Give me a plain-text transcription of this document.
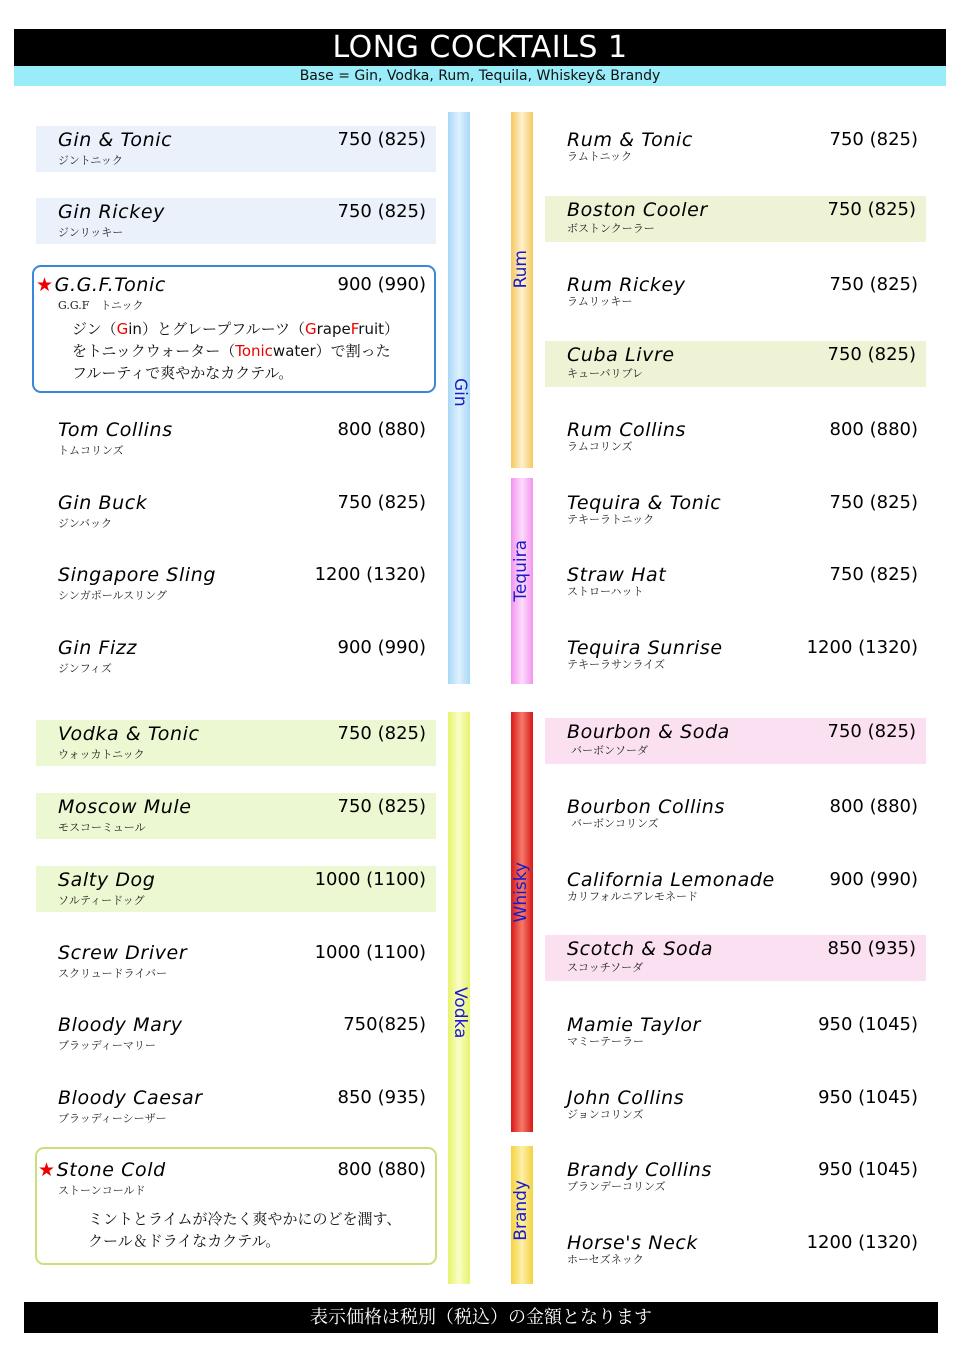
LONG COCKTAILS 1
Base = Gin, Vodka, Rum, Tequila, Whiskey& Brandy
Gin
Vodka
Rum
Tequira
Whisky
Brandy
Gin & Tonic
ジントニック
750 (825)
Gin Rickey
ジンリッキー
750 (825)
★G.G.F.Tonic
G.G.F　トニック
900 (990)
ジン（Gin）とグレープフルーツ（GrapeFruit）
をトニックウォーター（Tonicwater）で割った
フルーティで爽やかなカクテル。
Tom Collins
トムコリンズ
800 (880)
Gin Buck
ジンバック
750 (825)
Singapore Sling
シンガポールスリング
1200 (1320)
Gin Fizz
ジンフィズ
900 (990)
Vodka & Tonic
ウォッカトニック
750 (825)
Moscow Mule
モスコーミュール
750 (825)
Salty Dog
ソルティードッグ
1000 (1100)
Screw Driver
スクリュードライバー
1000 (1100)
Bloody Mary
ブラッディーマリー
750(825)
Bloody Caesar
ブラッディーシーザー
850 (935)
★Stone Cold
ストーンコールド
800 (880)
ミントとライムが冷たく爽やかにのどを潤す、
クール＆ドライなカクテル。
Rum & Tonic
ラムトニック
750 (825)
Boston Cooler
ボストンクーラー
750 (825)
Rum Rickey
ラムリッキー
750 (825)
Cuba Livre
キューバリブレ
750 (825)
Rum Collins
ラムコリンズ
800 (880)
Tequira & Tonic
テキーラトニック
750 (825)
Straw Hat
ストローハット
750 (825)
Tequira Sunrise
テキーラサンライズ
1200 (1320)
Bourbon & Soda
バーボンソーダ
750 (825)
Bourbon Collins
バーボンコリンズ
800 (880)
California Lemonade
カリフォルニアレモネード
900 (990)
Scotch & Soda
スコッチソーダ
850 (935)
Mamie Taylor
マミーテーラー
950 (1045)
John Collins
ジョンコリンズ
950 (1045)
Brandy Collins
ブランデーコリンズ
950 (1045)
Horse's Neck
ホーセズネック
1200 (1320)
表示価格は税別（税込）の金額となります
